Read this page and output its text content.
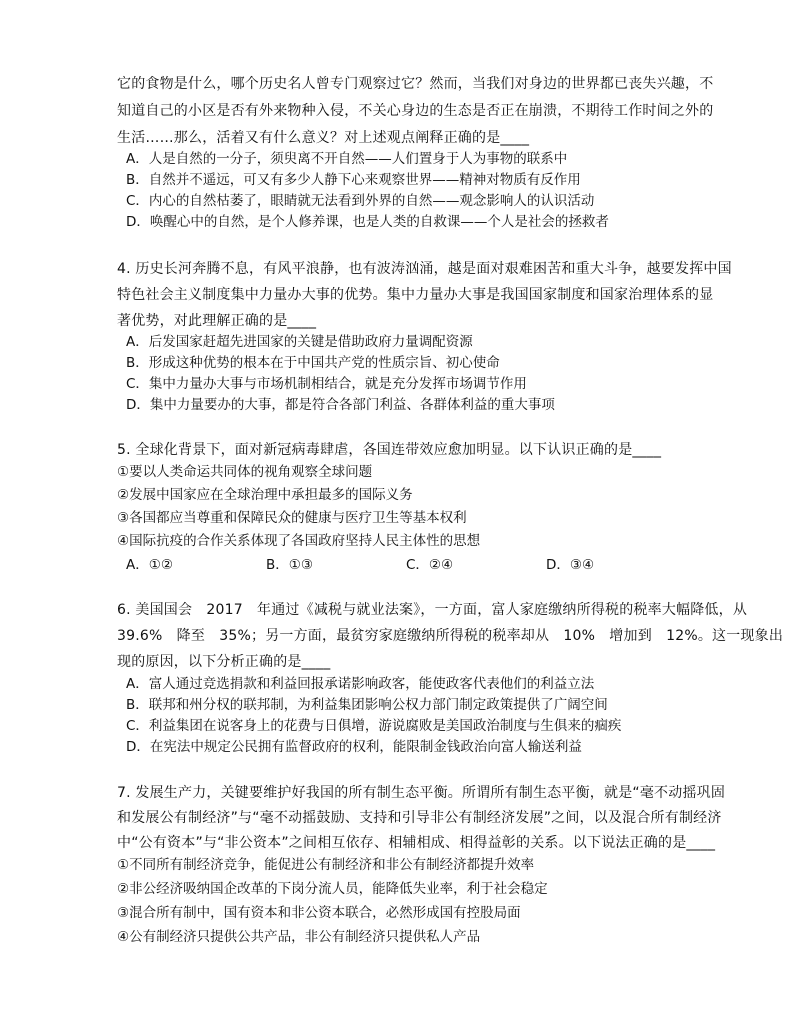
它的食物是什么，哪个历史名人曾专门观察过它？然而，当我们对身边的世界都已丧失兴趣，不
知道自己的小区是否有外来物种入侵，不关心身边的生态是否正在崩溃，不期待工作时间之外的
生活……那么，活着又有什么意义？对上述观点阐释正确的是____
A．人是自然的一分子，须臾离不开自然——人们置身于人为事物的联系中
B．自然并不遥远，可又有多少人静下心来观察世界——精神对物质有反作用
C．内心的自然枯萎了，眼睛就无法看到外界的自然——观念影响人的认识活动
D．唤醒心中的自然，是个人修养课，也是人类的自救课——个人是社会的拯救者
4. 历史长河奔腾不息，有风平浪静，也有波涛汹涌，越是面对艰难困苦和重大斗争，越要发挥中国
特色社会主义制度集中力量办大事的优势。集中力量办大事是我国国家制度和国家治理体系的显
著优势，对此理解正确的是____
A．后发国家赶超先进国家的关键是借助政府力量调配资源
B．形成这种优势的根本在于中国共产党的性质宗旨、初心使命
C．集中力量办大事与市场机制相结合，就是充分发挥市场调节作用
D．集中力量要办的大事，都是符合各部门利益、各群体利益的重大事项
5. 全球化背景下，面对新冠病毒肆虐，各国连带效应愈加明显。以下认识正确的是____
①要以人类命运共同体的视角观察全球问题
②发展中国家应在全球治理中承担最多的国际义务
③各国都应当尊重和保障民众的健康与医疗卫生等基本权利
④国际抗疫的合作关系体现了各国政府坚持人民主体性的思想
A．①②	B．①③	C．②④	D．③④
6. 美国国会　2017　年通过《减税与就业法案》，一方面，富人家庭缴纳所得税的税率大幅降低，从
39.6%　降至　35%；另一方面，最贫穷家庭缴纳所得税的税率却从　10%　增加到　12%。这一现象出
现的原因，以下分析正确的是____
A．富人通过竞选捐款和利益回报承诺影响政客，能使政客代表他们的利益立法
B．联邦和州分权的联邦制，为利益集团影响公权力部门制定政策提供了广阔空间
C．利益集团在说客身上的花费与日俱增，游说腐败是美国政治制度与生俱来的痼疾
D．在宪法中规定公民拥有监督政府的权利，能限制金钱政治向富人输送利益
7. 发展生产力，关键要维护好我国的所有制生态平衡。所谓所有制生态平衡，就是“毫不动摇巩固
和发展公有制经济”与“毫不动摇鼓励、支持和引导非公有制经济发展”之间，以及混合所有制经济
中“公有资本”与“非公资本”之间相互依存、相辅相成、相得益彰的关系。以下说法正确的是____
①不同所有制经济竞争，能促进公有制经济和非公有制经济都提升效率
②非公经济吸纳国企改革的下岗分流人员，能降低失业率，利于社会稳定
③混合所有制中，国有资本和非公资本联合，必然形成国有控股局面
④公有制经济只提供公共产品，非公有制经济只提供私人产品
